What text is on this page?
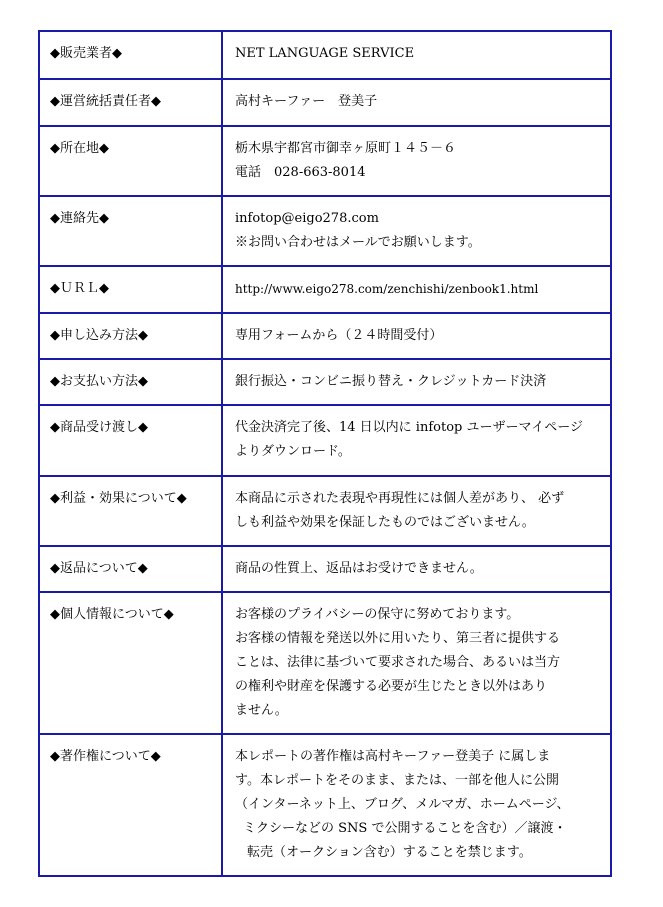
◆販売業者◆	NET LANGUAGE SERVICE

◆運営統括責任者◆	高村キーファー　登美子

◆所在地◆	栃木県宇都宮市御幸ヶ原町１４５－６
電話　028-663-8014

◆連絡先◆	infotop@eigo278.com
※お問い合わせはメールでお願いします。

◆ＵＲＬ◆	http://www.eigo278.com/zenchishi/zenbook1.html

◆申し込み方法◆	専用フォームから（２４時間受付）

◆お支払い方法◆	銀行振込・コンビニ振り替え・クレジットカード決済

◆商品受け渡し◆	代金決済完了後、14 日以内に infotop ユーザーマイページ
よりダウンロード。

◆利益・効果について◆	本商品に示された表現や再現性には個人差があり、 必ず
しも利益や効果を保証したものではございません。

◆返品について◆	商品の性質上、返品はお受けできません。

◆個人情報について◆	お客様のプライバシーの保守に努めております。
お客様の情報を発送以外に用いたり、第三者に提供する
ことは、法律に基づいて要求された場合、あるいは当方
の権利や財産を保護する必要が生じたとき以外はあり
ません。

◆著作権について◆	本レポートの著作権は高村キーファー登美子 に属しま
す。本レポートをそのまま、または、一部を他人に公開
（インターネット上、ブログ、メルマガ、ホームページ、
ミクシーなどの SNS で公開することを含む）／譲渡・
転売（オークション含む）することを禁じます。
